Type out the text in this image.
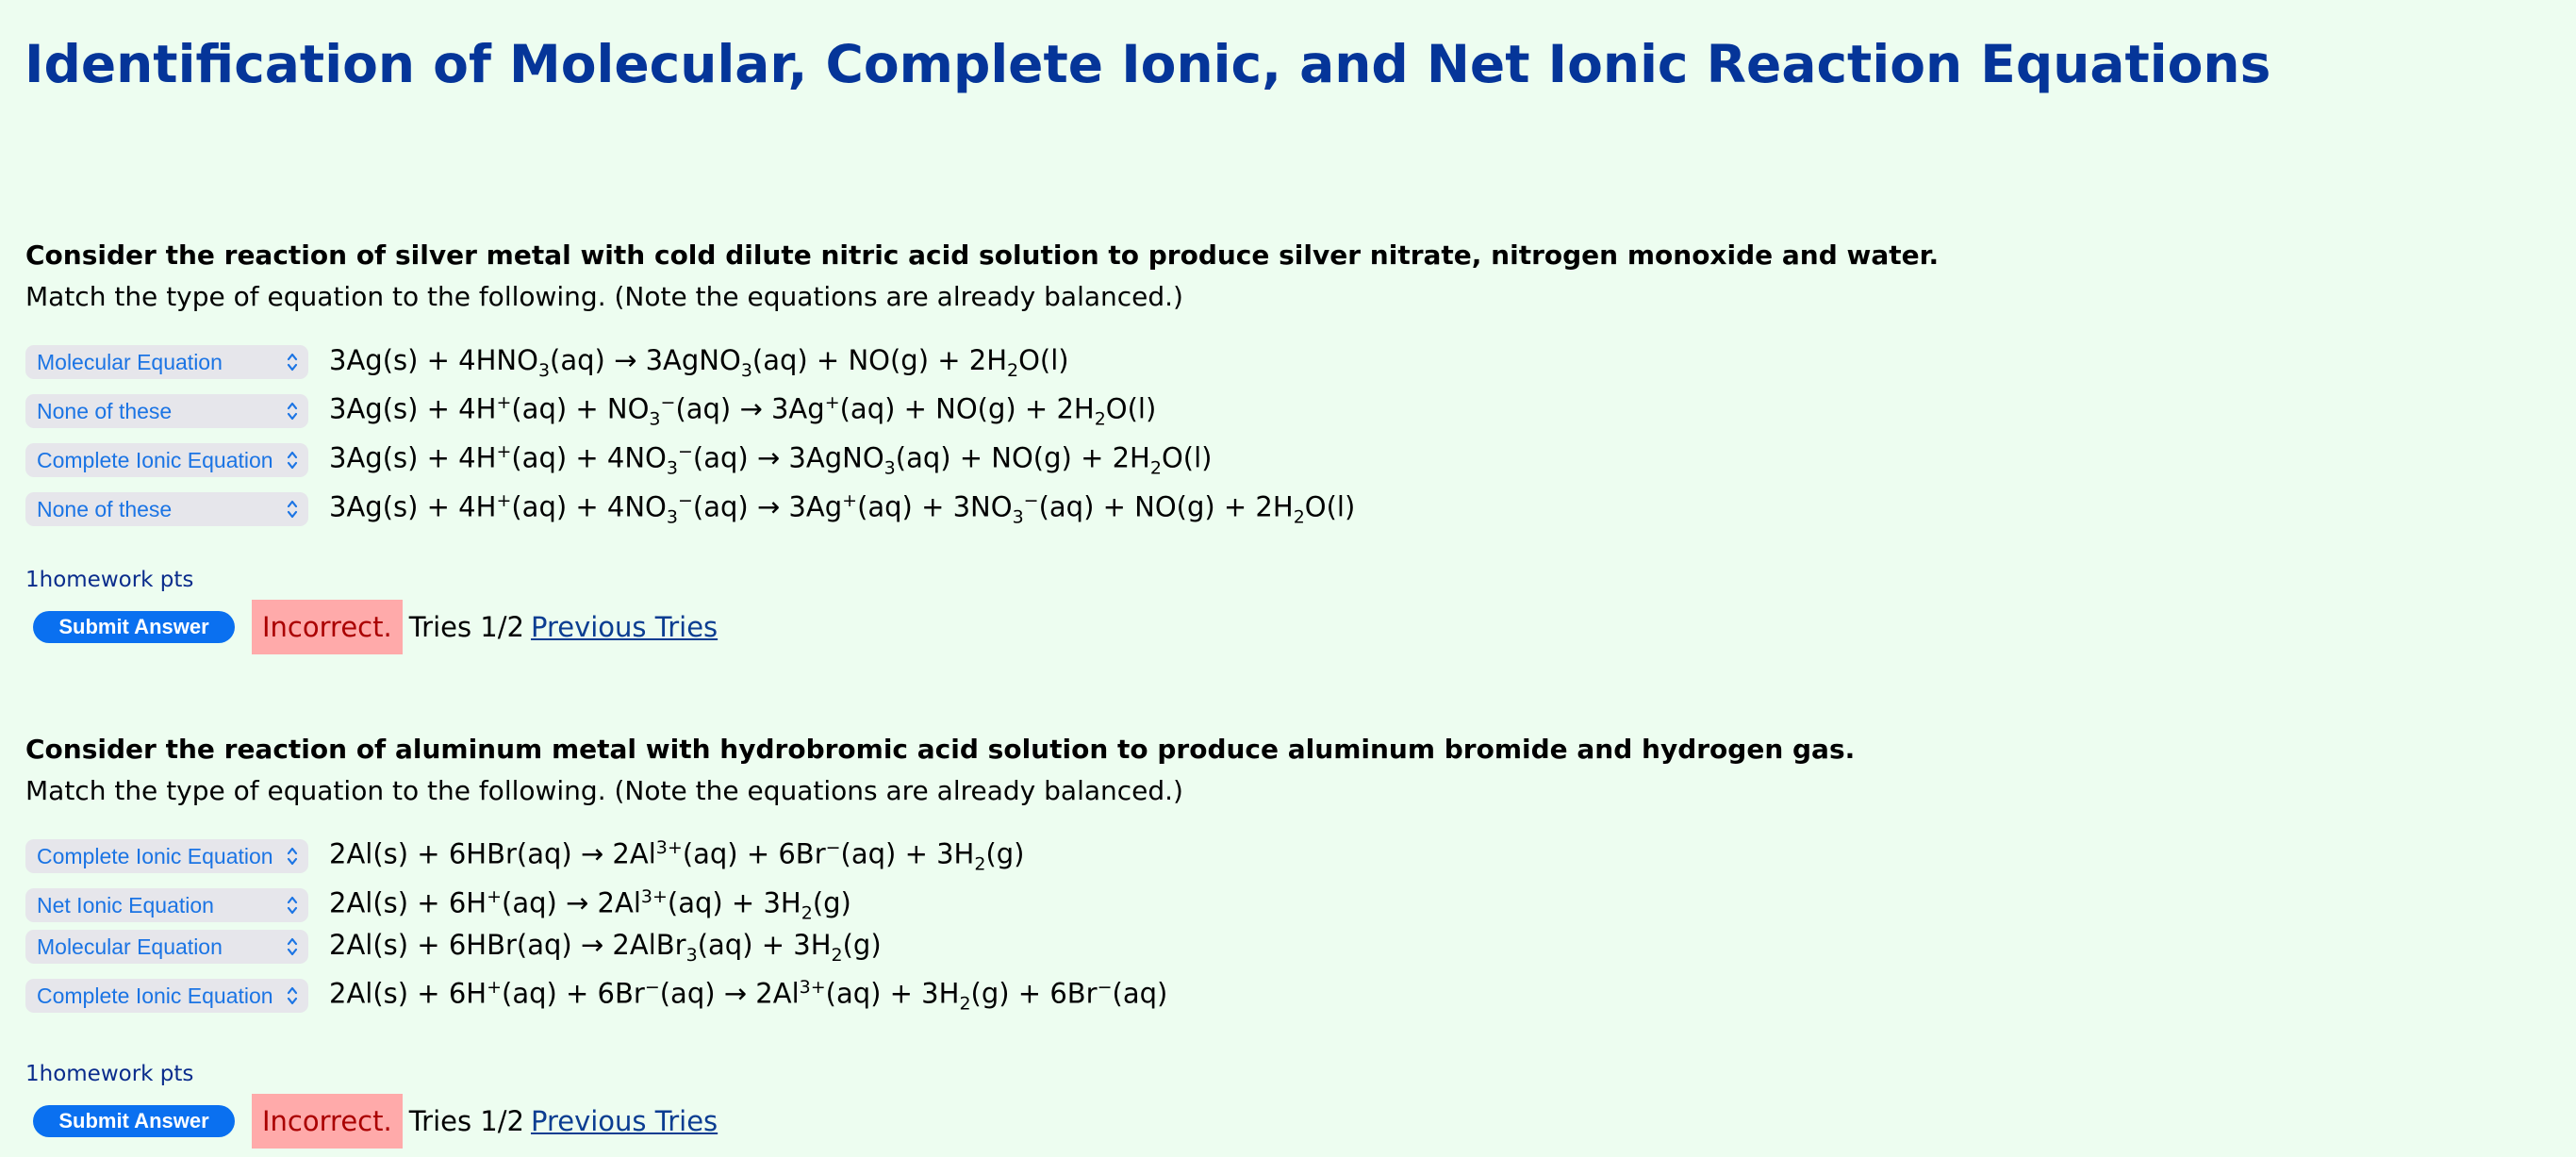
Identification of Molecular, Complete Ionic, and Net Ionic Reaction Equations
Consider the reaction of silver metal with cold dilute nitric acid solution to produce silver nitrate, nitrogen monoxide and water.
Match the type of equation to the following. (Note the equations are already balanced.)
Molecular Equation	$3Ag(s) + 4HNO_3(aq)$ → 3AgNO$_3$(aq) + $NO(g) + 2H_2O(l)$
None of these	$3Ag(s) + 4H^+(aq) + NO_3^-(aq) \to 3Ag^+(aq) + NO(g) + 2H_2O(l)$
Complete Ionic Equation $3Ag(s) + 4H^+(aq) + 4NO_3^-(aq)$ → 3AgNO$_3$(aq) + $NO(g) + 2H_2O(l)$
None of these	$3Ag(s) + 4H^+(aq) + 4NO_3^-(aq) \to 3Ag^+(aq) + 3NO_3^-(aq) + NO(g) + 2H_2O(l)$
1homework pts
Submit Answer	Incorrect. Tries 1/2 Previous Tries
Consider the reaction of aluminum metal with hydrobromic acid solution to produce aluminum bromide and hydrogen gas.
Match the type of equation to the following. (Note the equations are already balanced.)
Complete Ionic Equation $2Al(s) + 6HBr(aq) \to 2Al^{3+}(aq) + 6Br^-(aq) + 3H_2(g)$
Net Ionic Equation	$2Al(s) + 6H^+(aq) \to 2Al^{3+}(aq) + 3H_2(g)$
Molecular Equation	2Al(s) + 6HBr(aq) → 2AlBr$_3$(aq) + $3H_2(g)$
Complete Ionic Equation $2Al(s) + 6H^+(aq) + 6Br^-(aq) \to 2Al^{3+}(aq) + 3H_2(g) + 6Br^-(aq)$
1homework pts
Submit Answer	Incorrect. Tries 1/2 Previous Tries
